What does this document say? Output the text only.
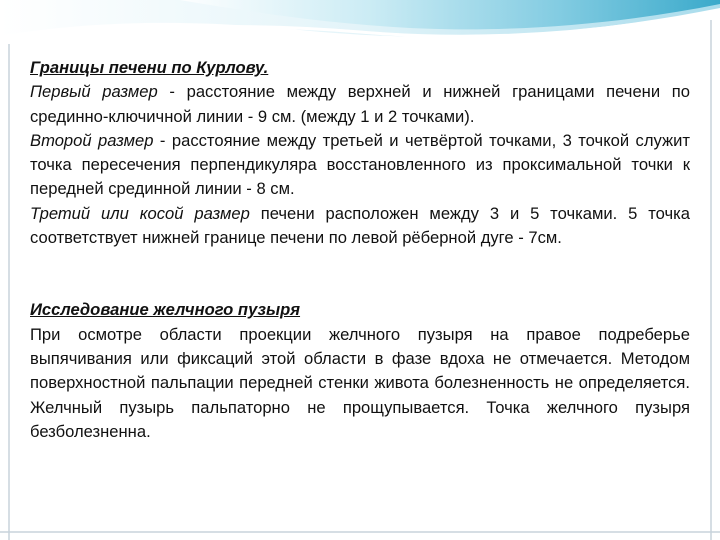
Границы печени по Курлову.

Первый размер - расстояние между верхней и нижней границами печени по срединно-ключичной линии - 9 см. (между 1 и 2 точками).

Второй размер - расстояние между третьей и четвёртой точками, 3 точкой служит точка пересечения перпендикуляра восстановленного из проксимальной точки к передней срединной линии - 8 см.

Третий или косой размер печени расположен между 3 и 5 точками. 5 точка соответствует нижней границе печени по левой рёберной дуге - 7см.

Исследование желчного пузыря

При осмотре области проекции желчного пузыря на правое подреберье выпячивания или фиксаций этой области в фазе вдоха не отмечается. Методом поверхностной пальпации передней стенки живота болезненность не определяется. Желчный пузырь пальпаторно не прощупывается. Точка желчного пузыря безболезненна.
